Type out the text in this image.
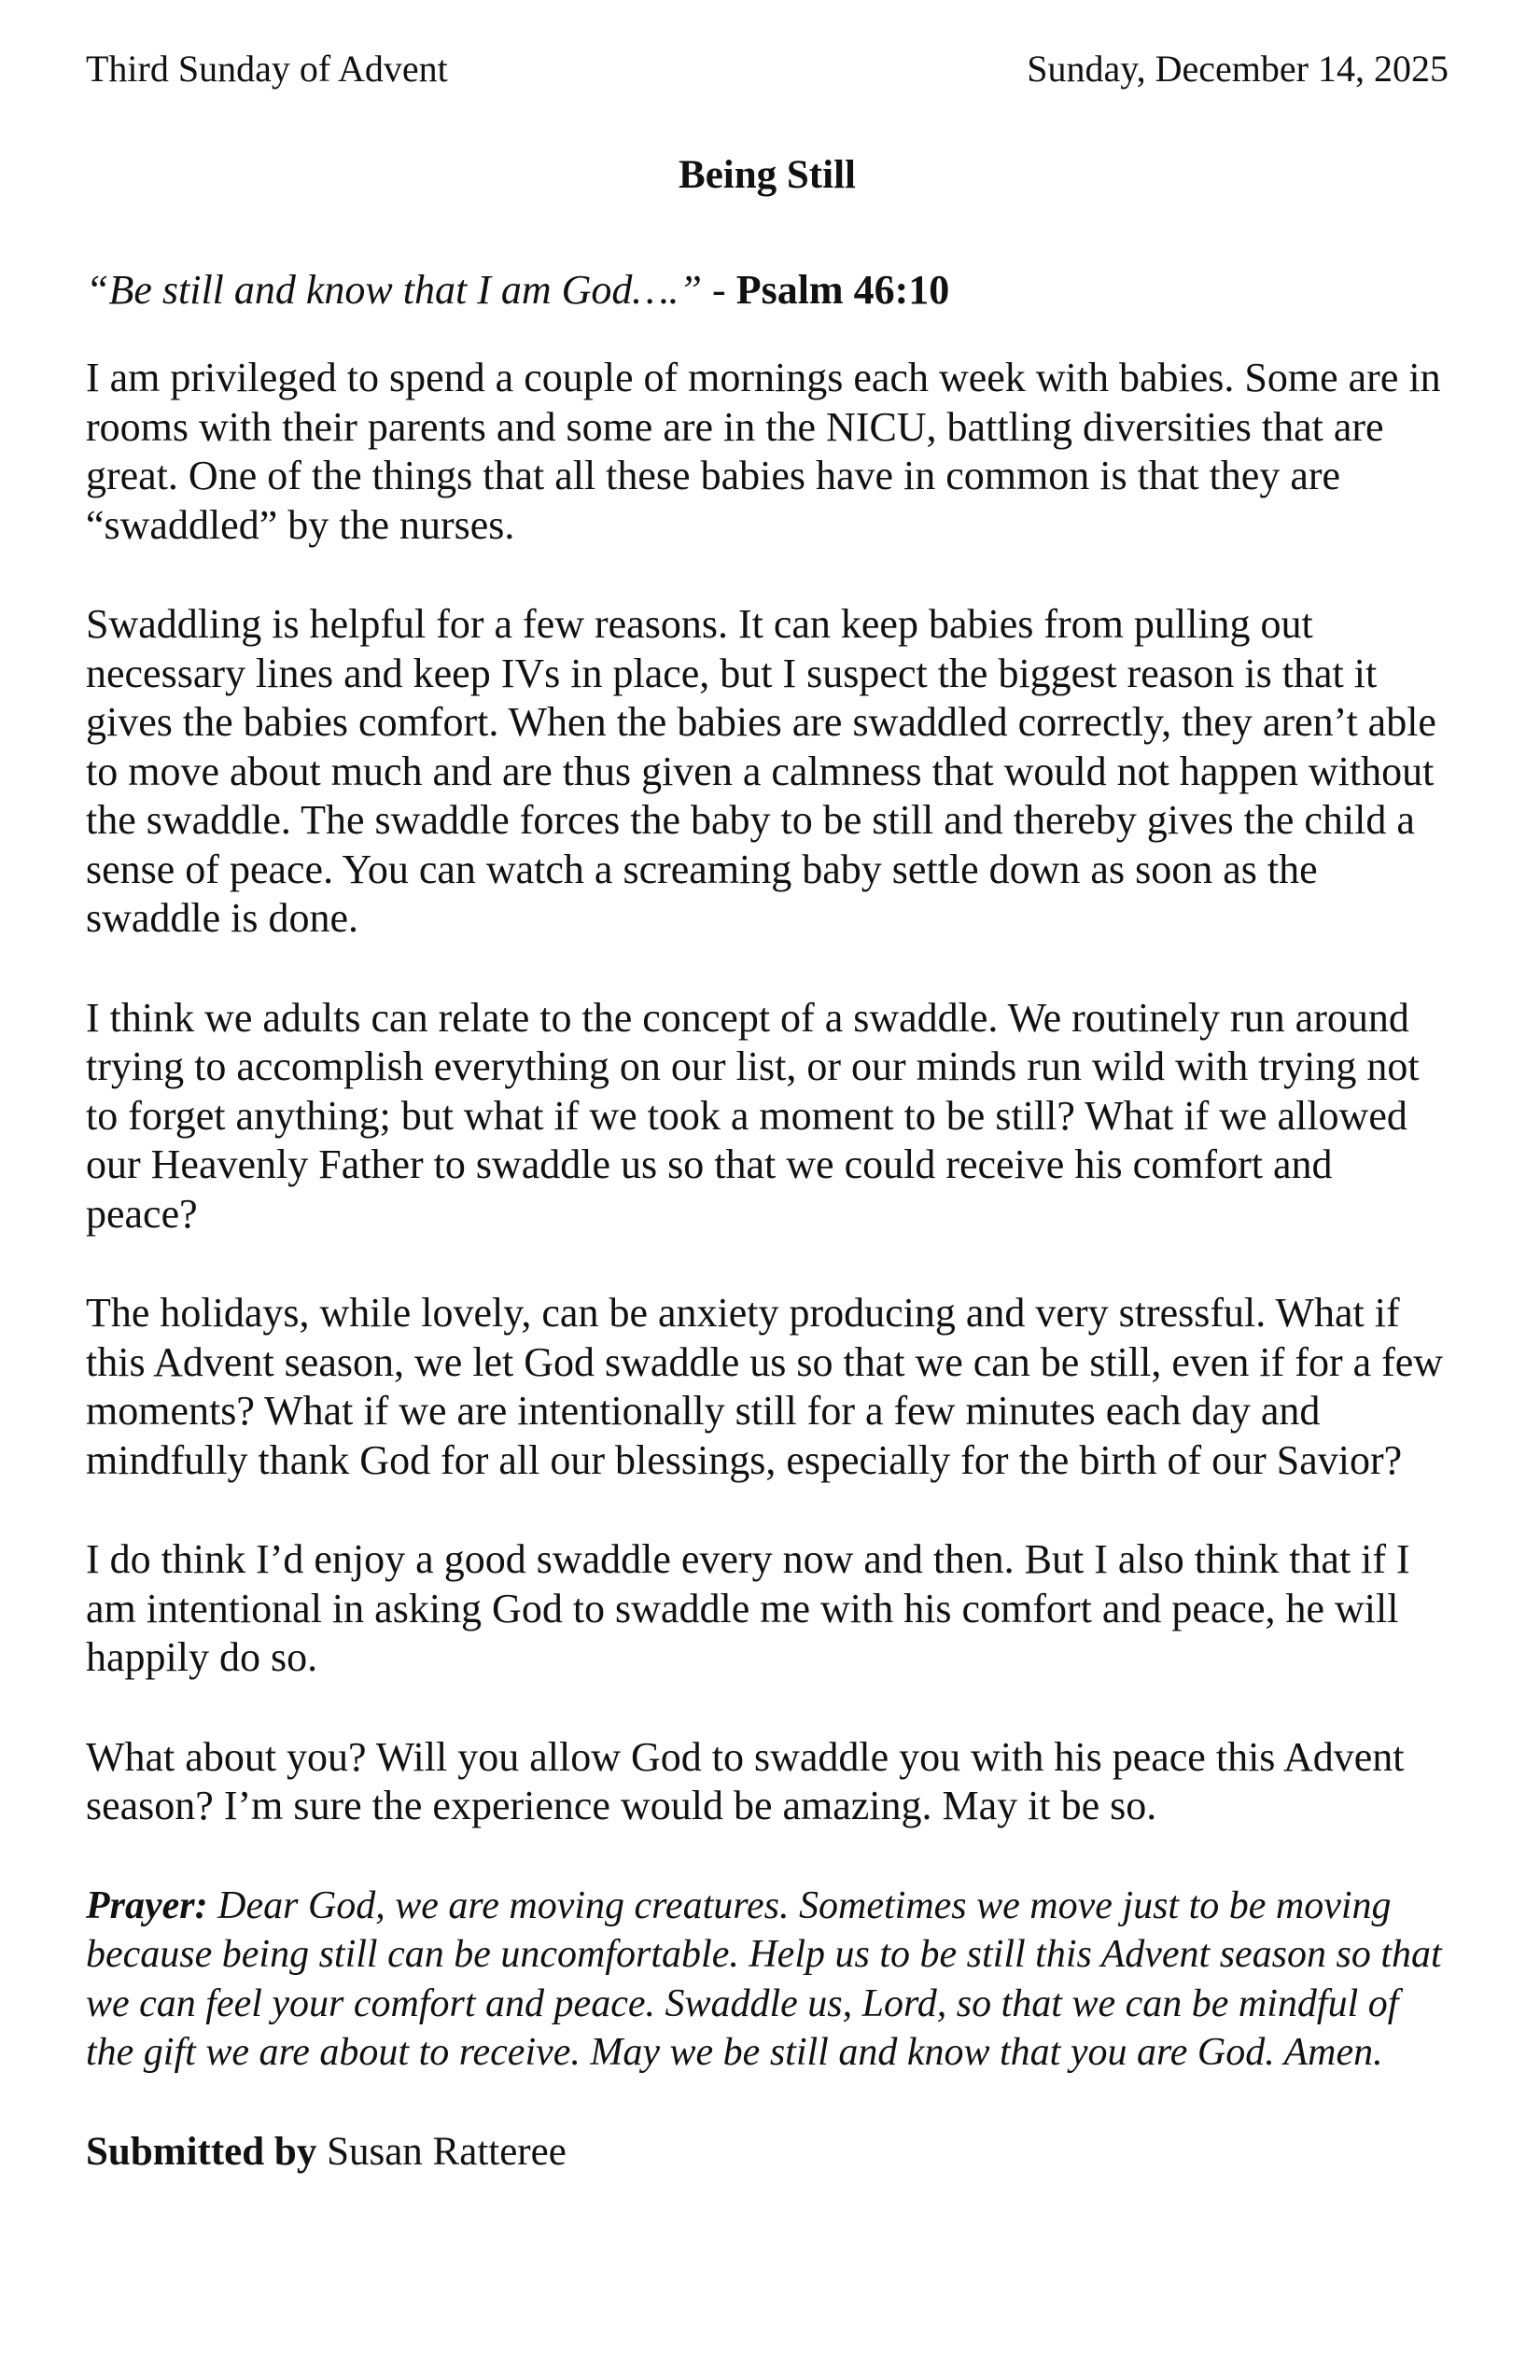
Third Sunday of Advent	Sunday, December 14, 2025
Being Still

“Be still and know that I am God….” - Psalm 46:10

I am privileged to spend a couple of mornings each week with babies. Some are in rooms with their parents and some are in the NICU, battling diversities that are great. One of the things that all these babies have in common is that they are “swaddled” by the nurses.

Swaddling is helpful for a few reasons. It can keep babies from pulling out necessary lines and keep IVs in place, but I suspect the biggest reason is that it gives the babies comfort. When the babies are swaddled correctly, they aren’t able to move about much and are thus given a calmness that would not happen without the swaddle. The swaddle forces the baby to be still and thereby gives the child a sense of peace. You can watch a screaming baby settle down as soon as the swaddle is done.

I think we adults can relate to the concept of a swaddle. We routinely run around trying to accomplish everything on our list, or our minds run wild with trying not to forget anything; but what if we took a moment to be still? What if we allowed our Heavenly Father to swaddle us so that we could receive his comfort and peace?

The holidays, while lovely, can be anxiety producing and very stressful. What if this Advent season, we let God swaddle us so that we can be still, even if for a few moments? What if we are intentionally still for a few minutes each day and mindfully thank God for all our blessings, especially for the birth of our Savior?

I do think I’d enjoy a good swaddle every now and then. But I also think that if I am intentional in asking God to swaddle me with his comfort and peace, he will happily do so.

What about you? Will you allow God to swaddle you with his peace this Advent season? I’m sure the experience would be amazing. May it be so.

Prayer: Dear God, we are moving creatures. Sometimes we move just to be moving because being still can be uncomfortable. Help us to be still this Advent season so that we can feel your comfort and peace. Swaddle us, Lord, so that we can be mindful of the gift we are about to receive. May we be still and know that you are God. Amen.

Submitted by Susan Ratteree
